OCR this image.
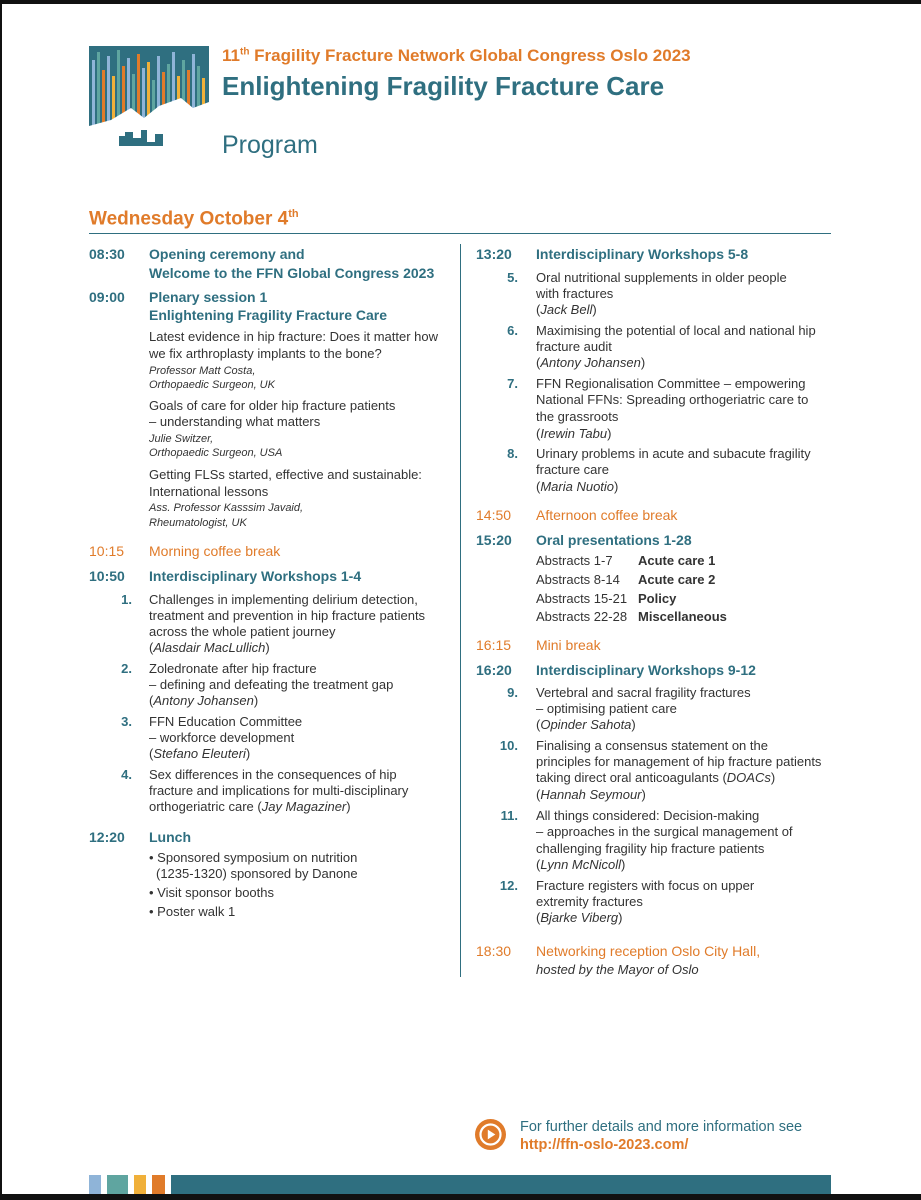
11th Fragility Fracture Network Global Congress Oslo 2023
Enlightening Fragility Fracture Care
Program
Wednesday October 4th
08:30 Opening ceremony and
Welcome to the FFN Global Congress 2023
09:00 Plenary session 1
Enlightening Fragility Fracture Care
Latest evidence in hip fracture: Does it matter how
we fix arthroplasty implants to the bone?
Professor Matt Costa,
Orthopaedic Surgeon, UK
Goals of care for older hip fracture patients
– understanding what matters
Julie Switzer,
Orthopaedic Surgeon, USA
Getting FLSs started, effective and sustainable:
International lessons
Ass. Professor Kasssim Javaid,
Rheumatologist, UK
10:15 Morning coffee break
10:50 Interdisciplinary Workshops 1-4
1. Challenges in implementing delirium detection,
treatment and prevention in hip fracture patients
across the whole patient journey
(Alasdair MacLullich)
2. Zoledronate after hip fracture
– defining and defeating the treatment gap
(Antony Johansen)
3. FFN Education Committee
– workforce development
(Stefano Eleuteri)
4. Sex differences in the consequences of hip
fracture and implications for multi-disciplinary
orthogeriatric care (Jay Magaziner)
12:20 Lunch
• Sponsored symposium on nutrition
(1235-1320) sponsored by Danone
• Visit sponsor booths
• Poster walk 1
13:20 Interdisciplinary Workshops 5-8
5. Oral nutritional supplements in older people
with fractures
(Jack Bell)
6. Maximising the potential of local and national hip
fracture audit
(Antony Johansen)
7. FFN Regionalisation Committee – empowering
National FFNs: Spreading orthogeriatric care to
the grassroots
(Irewin Tabu)
8. Urinary problems in acute and subacute fragility
fracture care
(Maria Nuotio)
14:50 Afternoon coffee break
15:20 Oral presentations 1-28
Abstracts 1-7 Acute care 1
Abstracts 8-14 Acute care 2
Abstracts 15-21 Policy
Abstracts 22-28 Miscellaneous
16:15 Mini break
16:20 Interdisciplinary Workshops 9-12
9. Vertebral and sacral fragility fractures
– optimising patient care
(Opinder Sahota)
10. Finalising a consensus statement on the
principles for management of hip fracture patients
taking direct oral anticoagulants (DOACs)
(Hannah Seymour)
11. All things considered: Decision-making
– approaches in the surgical management of
challenging fragility hip fracture patients
(Lynn McNicoll)
12. Fracture registers with focus on upper
extremity fractures
(Bjarke Viberg)
18:30 Networking reception Oslo City Hall,
hosted by the Mayor of Oslo
For further details and more information see
http://ffn-oslo-2023.com/
